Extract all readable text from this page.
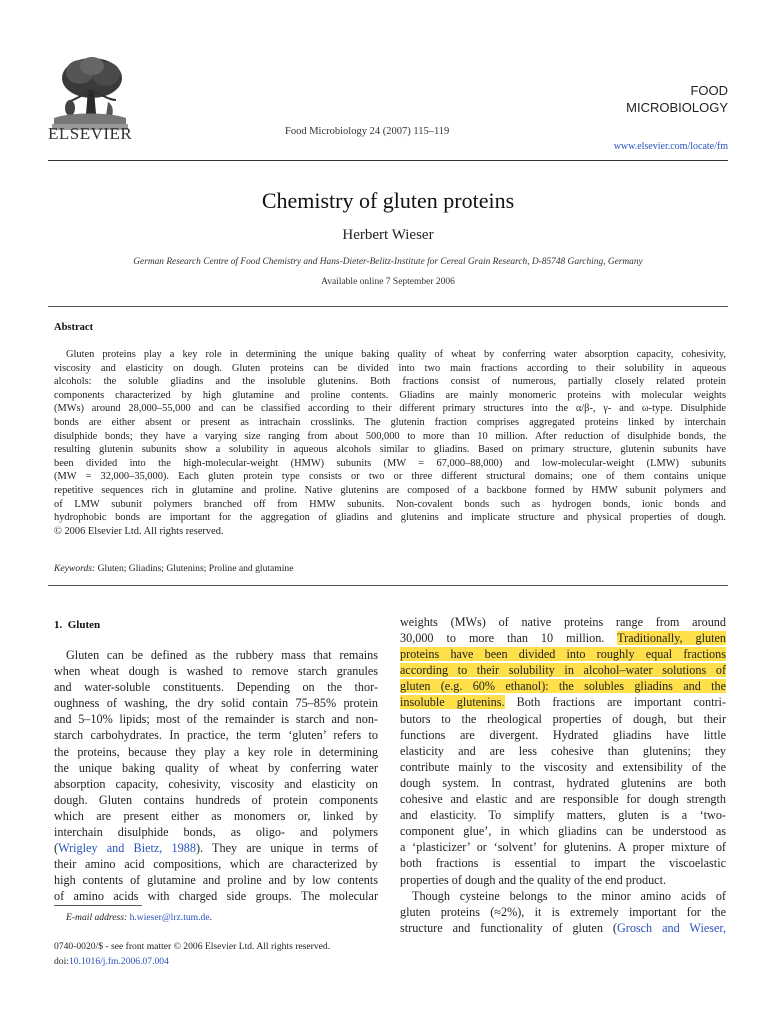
ELSEVIER	Food Microbiology 24 (2007) 115–119
FOOD
MICROBIOLOGY
www.elsevier.com/locate/fm
Chemistry of gluten proteins
Herbert Wieser
German Research Centre of Food Chemistry and Hans-Dieter-Belitz-Institute for Cereal Grain Research, D-85748 Garching, Germany
Available online 7 September 2006
Abstract
Gluten proteins play a key role in determining the unique baking quality of wheat by conferring water absorption capacity, cohesivity,
viscosity and elasticity on dough. Gluten proteins can be divided into two main fractions according to their solubility in aqueous
alcohols: the soluble gliadins and the insoluble glutenins. Both fractions consist of numerous, partially closely related protein
components characterized by high glutamine and proline contents. Gliadins are mainly monomeric proteins with molecular weights
(MWs) around 28,000–55,000 and can be classified according to their different primary structures into the α/β-, γ- and ω-type. Disulphide
bonds are either absent or present as intrachain crosslinks. The glutenin fraction comprises aggregated proteins linked by interchain
disulphide bonds; they have a varying size ranging from about 500,000 to more than 10 million. After reduction of disulphide bonds, the
resulting glutenin subunits show a solubility in aqueous alcohols similar to gliadins. Based on primary structure, glutenin subunits have
been divided into the high-molecular-weight (HMW) subunits (MW = 67,000–88,000) and low-molecular-weight (LMW) subunits
(MW = 32,000–35,000). Each gluten protein type consists or two or three different structural domains; one of them contains unique
repetitive sequences rich in glutamine and proline. Native glutenins are composed of a backbone formed by HMW subunit polymers and
of LMW subunit polymers branched off from HMW subunits. Non-covalent bonds such as hydrogen bonds, ionic bonds and
hydrophobic bonds are important for the aggregation of gliadins and glutenins and implicate structure and physical properties of dough.
© 2006 Elsevier Ltd. All rights reserved.
Keywords: Gluten; Gliadins; Glutenins; Proline and glutamine
1.  Gluten
Gluten can be defined as the rubbery mass that remains
when wheat dough is washed to remove starch granules
and water-soluble constituents. Depending on the thor-
oughness of washing, the dry solid contain 75–85% protein
and 5–10% lipids; most of the remainder is starch and non-
starch carbohydrates. In practice, the term ‘gluten’ refers to
the proteins, because they play a key role in determining
the unique baking quality of wheat by conferring water
absorption capacity, cohesivity, viscosity and elasticity on
dough. Gluten contains hundreds of protein components
which are present either as monomers or, linked by
interchain disulphide bonds, as oligo- and polymers
(Wrigley and Bietz, 1988). They are unique in terms of
their amino acid compositions, which are characterized by
high contents of glutamine and proline and by low contents
of amino acids with charged side groups. The molecular
E-mail address: h.wieser@lrz.tum.de.
0740-0020/$ - see front matter © 2006 Elsevier Ltd. All rights reserved.
doi:10.1016/j.fm.2006.07.004
weights (MWs) of native proteins range from around
30,000 to more than 10 million. Traditionally, gluten
proteins have been divided into roughly equal fractions
according to their solubility in alcohol–water solutions of
gluten (e.g. 60% ethanol): the solubles gliadins and the
insoluble glutenins. Both fractions are important contri-
butors to the rheological properties of dough, but their
functions are divergent. Hydrated gliadins have little
elasticity and are less cohesive than glutenins; they
contribute mainly to the viscosity and extensibility of the
dough system. In contrast, hydrated glutenins are both
cohesive and elastic and are responsible for dough strength
and elasticity. To simplify matters, gluten is a ‘two-
component glue’, in which gliadins can be understood as
a ‘plasticizer’ or ‘solvent’ for glutenins. A proper mixture of
both fractions is essential to impart the viscoelastic
properties of dough and the quality of the end product.
Though cysteine belongs to the minor amino acids of
gluten proteins (≈2%), it is extremely important for the
structure and functionality of gluten (Grosch and Wieser,
